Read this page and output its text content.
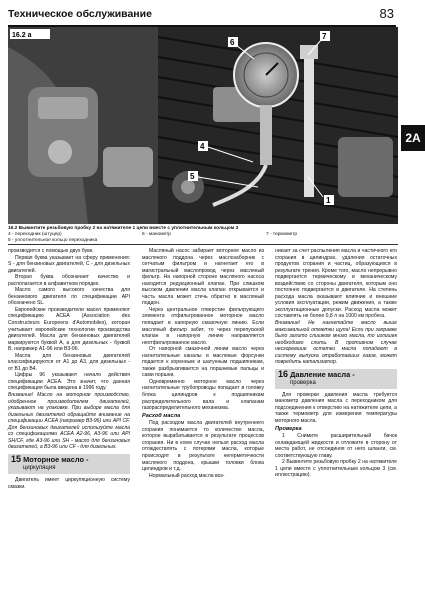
Техническое обслуживание	83
2A
16.2 a
6
7
4
5
1
16.2 Вывинтите резьбовую пробку 2 на натяжителе 1 цепи вместе с уплотнительным кольцом 3
4 - переходник (штуцер)
5 - уплотнительное кольцо переходника
6 - манометр	7 - термометр

производится с помощью двух букв.

Первая буква указывает на сферу применения: S - для бензиновых двигателей, C - для дизельных двигателей.

Вторая буква обозначает качество и располагается в алфавитном порядке.

Масло самого высокого качества для бензинового двигателя по спецификации API обозначено SL.

Европейские производители масел применяют спецификацию ACEA (Association des Constructeurs Europeens d'Automobiles), которая учитывает европейские технологии производства двигателей. Масла для бензиновых двигателей маркируются буквой A, а для дизельных - буквой B, например A1-96 или B3-96.

Масла для бензиновых двигателей классифицируются от A1 до A3, для дизельных - от B1 до B4.

Цифры 96 указывают начало действия спецификации ACEA. Это значит, что данная спецификация была введена в 1996 году.

Внимание! Масло на моторное производство, одобренное производителем двигателей, указывают на упаковке. При выборе масла для дизельных двигателей обращайте внимание на спецификации ACEA (например B3-96) или API CF. Для бензиновых двигателей используйте масла со спецификациями ACEA A2-96, A3-96 или API SH/CF, где A3-96 или SH - масло для бензиновых двигателей, а B3-96 или CF - для дизельных.

15 Моторное масло -
циркуляция

Двигатель имеет циркуляционную систему смазки.

Масляный насос забирает моторное масло из масляного поддона через маслозаборник с сетчатым фильтром и нагнетает его в магистральный маслопровод через масляный фильтр. На напорной стороне масляного насоса находится редукционный клапан. При слишком высоком давлении масла клапан открывается и часть масла может стечь обратно в масляный поддон.

Через центральное отверстие фильтрующего элемента отфильтрованное моторное масло попадает в напорную смазочную линию. Если масляный фильтр забит, то через перепускной клапан в напорную линию направляется неотфильтрованное масло.

От напорной смазочной линии масло через нагнетательные каналы и масляные форсунки подается к коренным и шатунным подшипникам, также разбрызгивается на поршневые пальцы и сами поршни.

Одновременно моторное масло через нагнетательные трубопроводы попадает в головку блока цилиндров к подшипникам распределительного вала и клапанам газораспределительного механизма.

Расход масла

Под расходом масла двигателей внутреннего сгорания понимается то количество масла, которое вырабатывается в результате процессов сгорания. Ни в коем случае нельзя расход масла отождествлять с потерями масла, которые происходят в результате негерметичности масляного поддона, крышки головки блока цилиндров и т.д.

Нормальный расход масла воз-

никает за счет распыления масла и частичного его сгорания в цилиндрах, удаления остаточных продуктов сгорания и частиц, образующихся в результате трения. Кроме того, масло непрерывно подвергается термическому и механическому воздействию со стороны двигателя, которым оно постоянно подвергается в двигателе. На степень расхода масла оказывают влияние и внешние условия эксплуатации, режим движения, а также эксплуатационные допуски. Расход масла может составлять не более 0,8 л на 1000 км пробега.

Внимание! Не нагнетайте масло выше максимальной отметки щупа! Если при заправке было залито слишком много масла, то излишек необходимо слить. В противном случае несгоревшие остатки масла попадают в систему выпуска отработавших газов, может повредить катализатор.

16 Давление масла -
проверка

Для проверки давления масла требуется манометр давления масла с переходником для подсоединения к отверстию на натяжителе цепи, а также термометр для измерения температуры моторного масла.

Проверка

1 Снимите расширительный бачок охлаждающей жидкости и отложите в сторону от места работ, не отсоединяя от него шланги, см. соответствующую главу.

2 Вывинтите резьбовую пробку 2 на натяжителе 1 цепи вместе с уплотнительным кольцом 3 (см. иллюстрацию).
